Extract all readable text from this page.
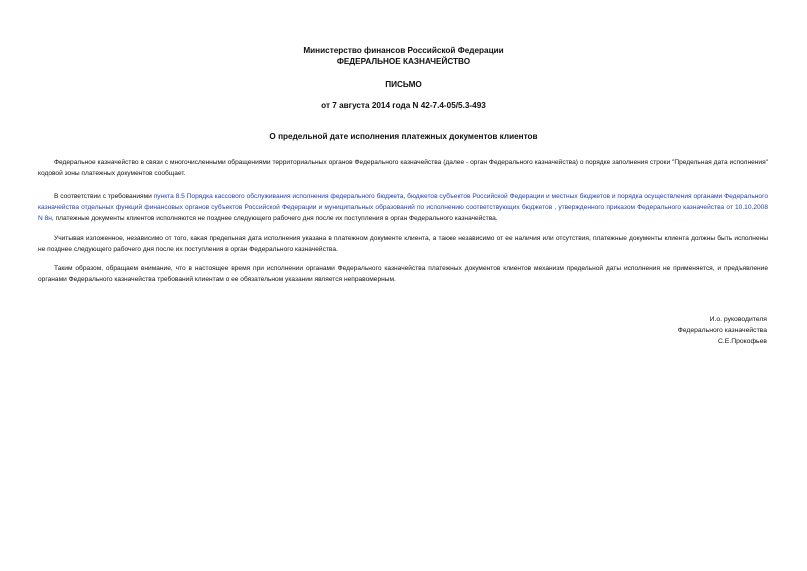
Министерство финансов Российской Федерации
ФЕДЕРАЛЬНОЕ КАЗНАЧЕЙСТВО
ПИСЬМО
от 7 августа 2014 года N 42-7.4-05/5.3-493
О предельной дате исполнения платежных документов клиентов

Федеральное казначейство в связи с многочисленными обращениями территориальных органов Федерального казначейства (далее - орган Федерального казначейства) о порядке заполнения строки "Предельная дата исполнения" кодовой зоны платежных документов сообщает.

В соответствии с требованиями пункта 8.5 Порядка кассового обслуживания исполнения федерального бюджета, бюджетов субъектов Российской Федерации и местных бюджетов и порядка осуществления органами Федерального казначейства отдельных функций финансовых органов субъектов Российской Федерации и муниципальных образований по исполнению соответствующих бюджетов , утвержденного приказом Федерального казначейства от 10.10.2008 N 8н, платежные документы клиентов исполняются не позднее следующего рабочего дня после их поступления в орган Федерального казначейства.

Учитывая изложенное, независимо от того, какая предельная дата исполнения указана в платежном документе клиента, а также независимо от ее наличия или отсутствия, платежные документы клиента должны быть исполнены не позднее следующего рабочего дня после их поступления в орган Федерального казначейства.

Таким образом, обращаем внимание, что в настоящее время при исполнении органами Федерального казначейства платежных документов клиентов механизм предельной даты исполнения не применяется, и предъявление органами Федерального казначейства требований клиентам о ее обязательном указании является неправомерным.

И.о. руководителя
Федерального казначейства
С.Е.Прокофьев
